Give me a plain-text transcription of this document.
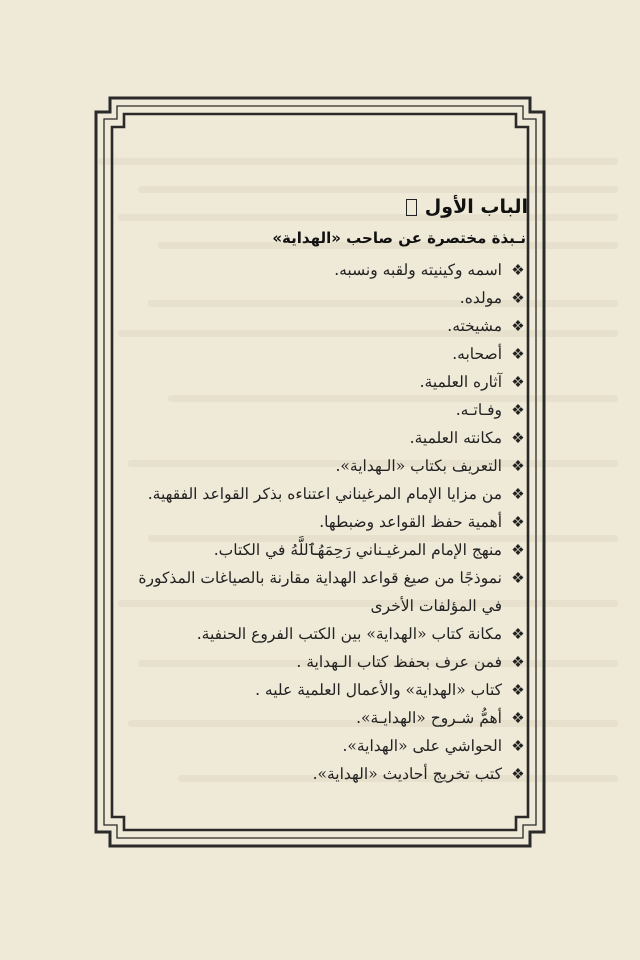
الباب الأول
نـبذة مختصرة عن صاحب «الهداية»
❖
اسمه وكينيته ولقبه ونسبه.
❖
مولده.
❖
مشيخته.
❖
أصحابه.
❖
آثاره العلمية.
❖
وفـاتـه.
❖
مكانته العلمية.
❖
التعريف بكتاب «الـهداية».
❖
من مزايا الإمام المرغيناني اعتناءه بذكر القواعد الفقهية.
❖
أهمية حفظ القواعد وضبطها.
❖
منهج الإمام المرغيـناني رَحِمَهُٱللَّهُ في الكتاب.
❖
نموذجًا من صيغ قواعد الهداية مقارنة بالصياغات المذكورة في المؤلفات الأخرى
❖
مكانة كتاب «الهداية» بين الكتب الفروع الحنفية.
❖
فمن عرف بحفظ كتاب الـهداية .
❖
كتاب «الهداية» والأعمال العلمية عليه .
❖
أهمُّ شـروح «الهدايـة».
❖
الحواشي على «الهداية».
❖
كتب تخريج أحاديث «الهداية».
